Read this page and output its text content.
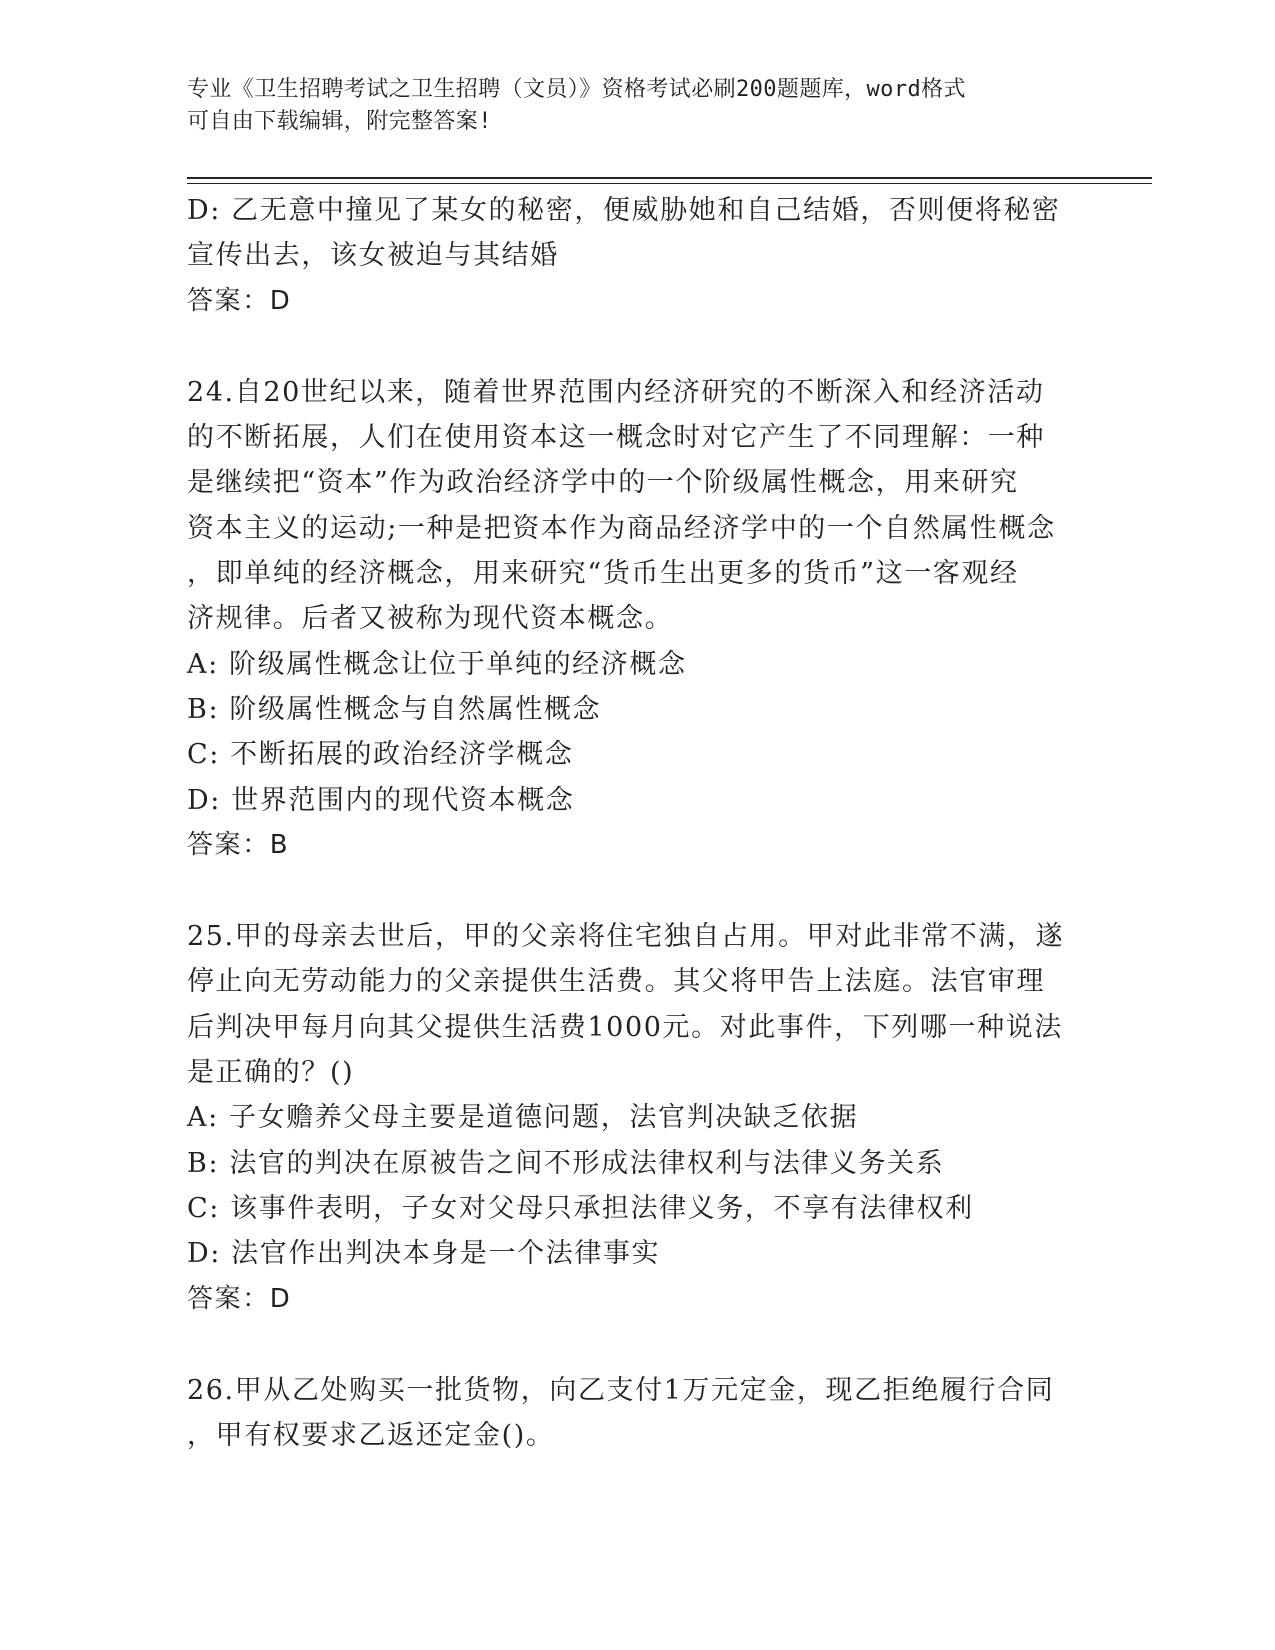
专业《卫生招聘考试之卫生招聘（文员）》资格考试必刷200题题库，word格式
可自由下载编辑，附完整答案!
D: 乙无意中撞见了某女的秘密，便威胁她和自己结婚，否则便将秘密
宣传出去，该女被迫与其结婚
答案：D
24.自20世纪以来，随着世界范围内经济研究的不断深入和经济活动
的不断拓展，人们在使用资本这一概念时对它产生了不同理解：一种
是继续把“资本”作为政治经济学中的一个阶级属性概念，用来研究
资本主义的运动;一种是把资本作为商品经济学中的一个自然属性概念
，即单纯的经济概念，用来研究“货币生出更多的货币”这一客观经
济规律。后者又被称为现代资本概念。
A: 阶级属性概念让位于单纯的经济概念
B: 阶级属性概念与自然属性概念
C: 不断拓展的政治经济学概念
D: 世界范围内的现代资本概念
答案：B
25.甲的母亲去世后，甲的父亲将住宅独自占用。甲对此非常不满，遂
停止向无劳动能力的父亲提供生活费。其父将甲告上法庭。法官审理
后判决甲每月向其父提供生活费1000元。对此事件，下列哪一种说法
是正确的？()
A: 子女赡养父母主要是道德问题，法官判决缺乏依据
B: 法官的判决在原被告之间不形成法律权利与法律义务关系
C: 该事件表明，子女对父母只承担法律义务，不享有法律权利
D: 法官作出判决本身是一个法律事实
答案：D
26.甲从乙处购买一批货物，向乙支付1万元定金，现乙拒绝履行合同
，甲有权要求乙返还定金()。
